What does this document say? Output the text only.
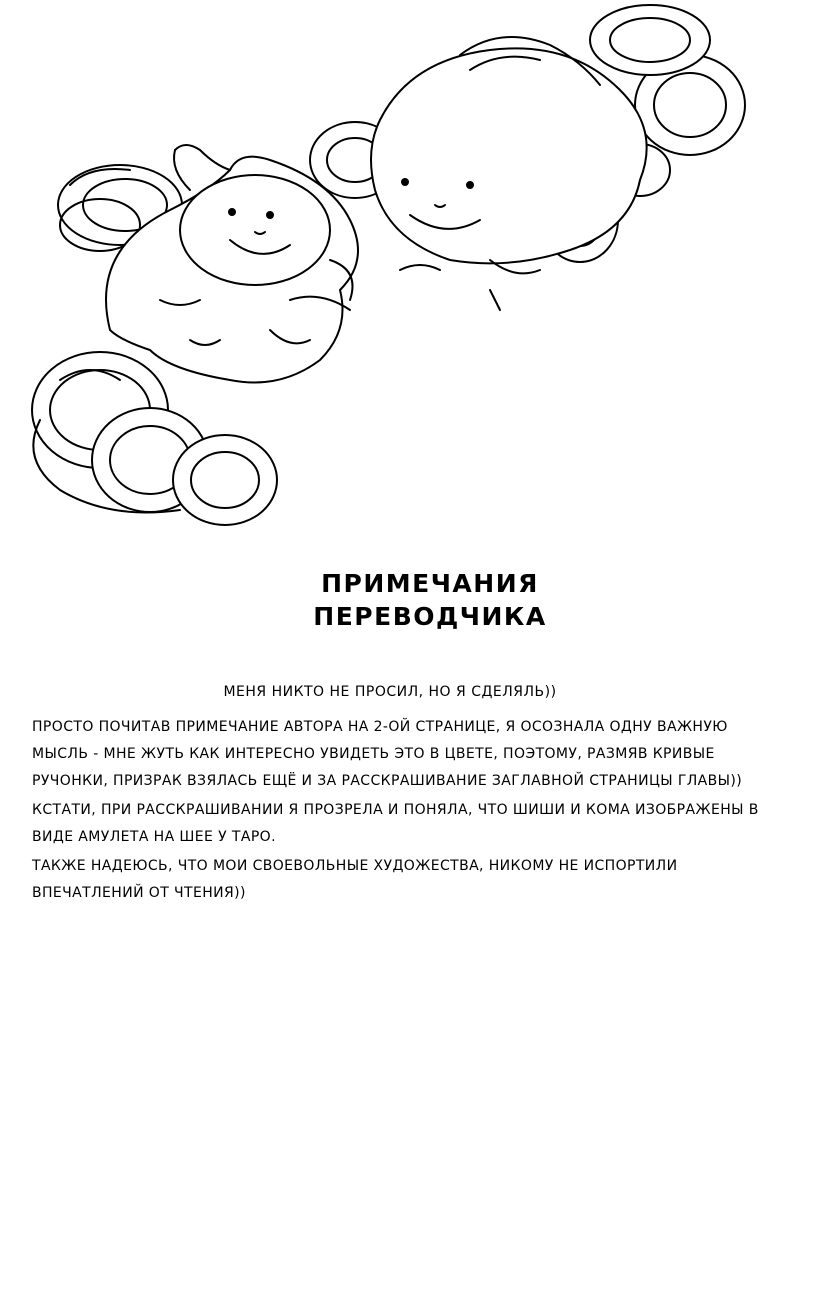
ПРИМЕЧАНИЯ
ПЕРЕВОДЧИКА
МЕНЯ НИКТО НЕ ПРОСИЛ, НО Я СДЕЛЯЛЬ))
ПРОСТО ПОЧИТАВ ПРИМЕЧАНИЕ АВТОРА НА 2-ОЙ СТРАНИЦЕ, Я ОСОЗНАЛА ОДНУ ВАЖНУЮ
МЫСЛЬ - МНЕ ЖУТЬ КАК ИНТЕРЕСНО УВИДЕТЬ ЭТО В ЦВЕТЕ, ПОЭТОМУ, РАЗМЯВ КРИВЫЕ
РУЧОНКИ, ПРИЗРАК ВЗЯЛАСЬ ЕЩЁ И ЗА РАССКРАШИВАНИЕ ЗАГЛАВНОЙ СТРАНИЦЫ ГЛАВЫ))
КСТАТИ, ПРИ РАССКРАШИВАНИИ Я ПРОЗРЕЛА И ПОНЯЛА, ЧТО ШИШИ И КОМА ИЗОБРАЖЕНЫ В
ВИДЕ АМУЛЕТА НА ШЕЕ У ТАРО.
ТАКЖЕ НАДЕЮСЬ, ЧТО МОИ СВОЕВОЛЬНЫЕ ХУДОЖЕСТВА, НИКОМУ НЕ ИСПОРТИЛИ
ВПЕЧАТЛЕНИЙ ОТ ЧТЕНИЯ))
